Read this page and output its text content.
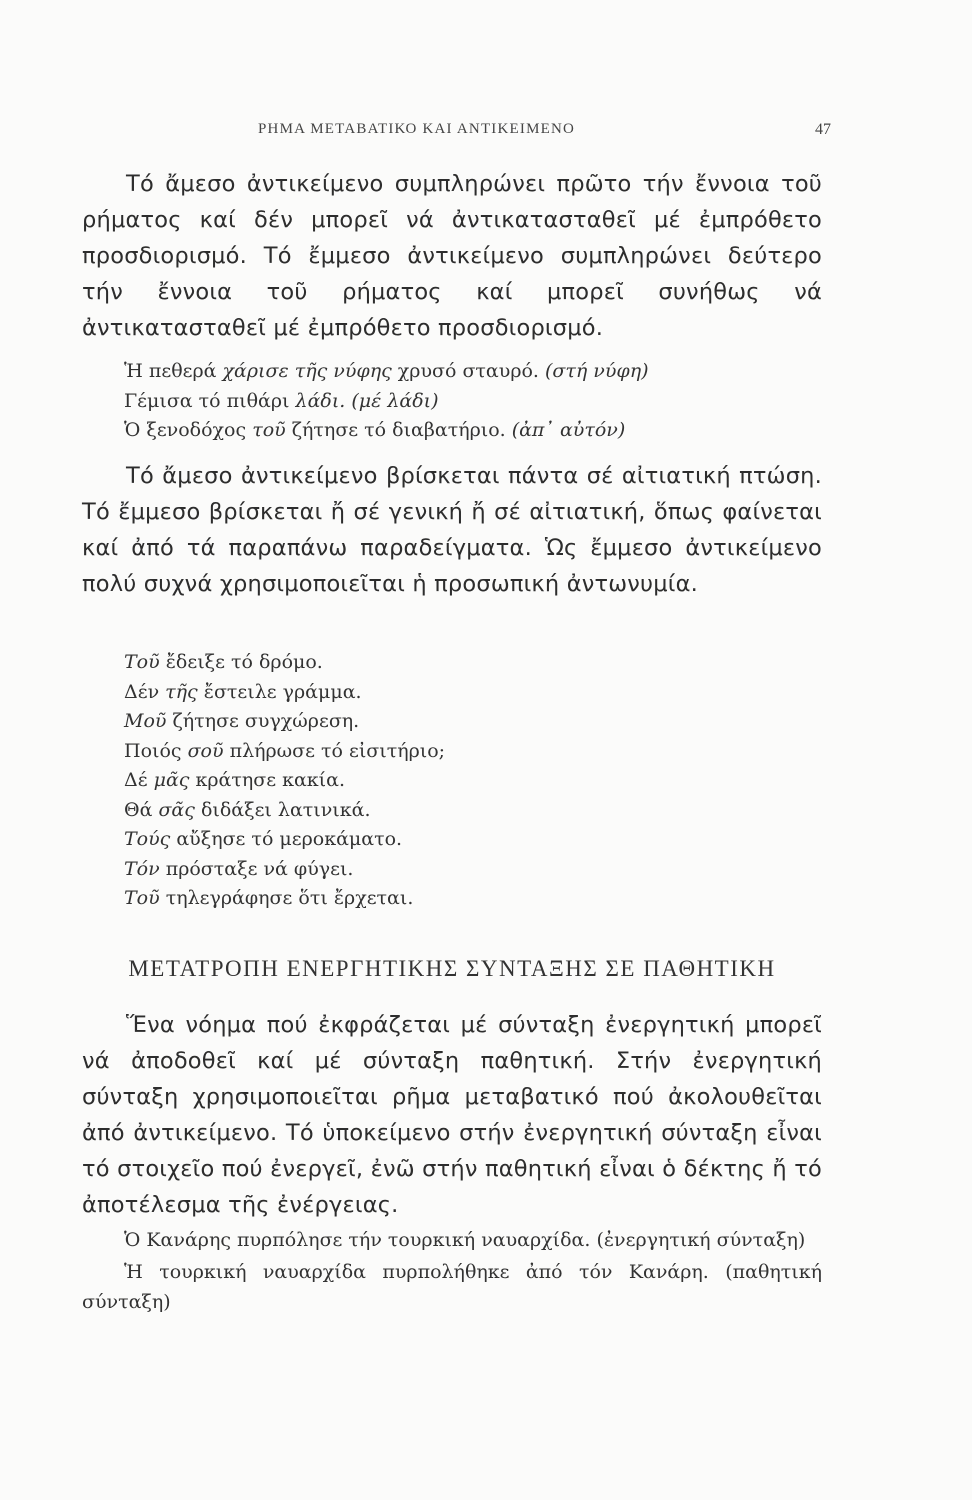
ΡΗΜΑ ΜΕΤΑΒΑΤΙΚΟ ΚΑΙ ΑΝΤΙΚΕΙΜΕΝΟ	47

Τό ἄμεσο ἀντικείμενο συμπληρώνει πρῶτο τήν ἔννοια τοῦ ρήματος καί δέν μπορεῖ νά ἀντικατασταθεῖ μέ ἐμπρόθετο προσδιορισμό. Τό ἔμμεσο ἀντικείμενο συμπληρώνει δεύτερο τήν ἔννοια τοῦ ρήματος καί μπορεῖ συνήθως νά ἀντικατασταθεῖ μέ ἐμπρόθετο προσδιορισμό.

Ἡ πεθερά χάρισε τῆς νύφης χρυσό σταυρό. (στή νύφη)
Γέμισα τό πιθάρι λάδι. (μέ λάδι)
Ὁ ξενοδόχος τοῦ ζήτησε τό διαβατήριο. (ἀπ᾽ αὐτόν)

Τό ἄμεσο ἀντικείμενο βρίσκεται πάντα σέ αἰτιατική πτώση. Τό ἔμμεσο βρίσκεται ἤ σέ γενική ἤ σέ αἰτιατική, ὅπως φαίνεται καί ἀπό τά παραπάνω παραδείγματα. Ὡς ἔμμεσο ἀντικείμενο πολύ συχνά χρησιμοποιεῖται ἡ προσωπική ἀντωνυμία.

Τοῦ ἔδειξε τό δρόμο.
Δέν τῆς ἔστειλε γράμμα.
Μοῦ ζήτησε συγχώρεση.
Ποιός σοῦ πλήρωσε τό εἰσιτήριο;
Δέ μᾶς κράτησε κακία.
Θά σᾶς διδάξει λατινικά.
Τούς αὔξησε τό μεροκάματο.
Τόν πρόσταξε νά φύγει.
Τοῦ τηλεγράφησε ὅτι ἔρχεται.
ΜΕΤΑΤΡΟΠΗ ΕΝΕΡΓΗΤΙΚΗΣ ΣΥΝΤΑΞΗΣ ΣΕ ΠΑΘΗΤΙΚΗ

Ἕνα νόημα πού ἐκφράζεται μέ σύνταξη ἐνεργητική μπορεῖ νά ἀποδοθεῖ καί μέ σύνταξη παθητική. Στήν ἐνεργητική σύνταξη χρησιμοποιεῖται ρῆμα μεταβατικό πού ἀκολουθεῖται ἀπό ἀντικείμενο. Τό ὑποκείμενο στήν ἐνεργητική σύνταξη εἶναι τό στοιχεῖο πού ἐνεργεῖ, ἐνῶ στήν παθητική εἶναι ὁ δέκτης ἤ τό ἀποτέλεσμα τῆς ἐνέργειας.

Ὁ Κανάρης πυρπόλησε τήν τουρκική ναυαρχίδα. (ἐνεργητική σύνταξη)
Ἡ τουρκική ναυαρχίδα πυρπολήθηκε ἀπό τόν Κανάρη. (παθητική σύνταξη)
